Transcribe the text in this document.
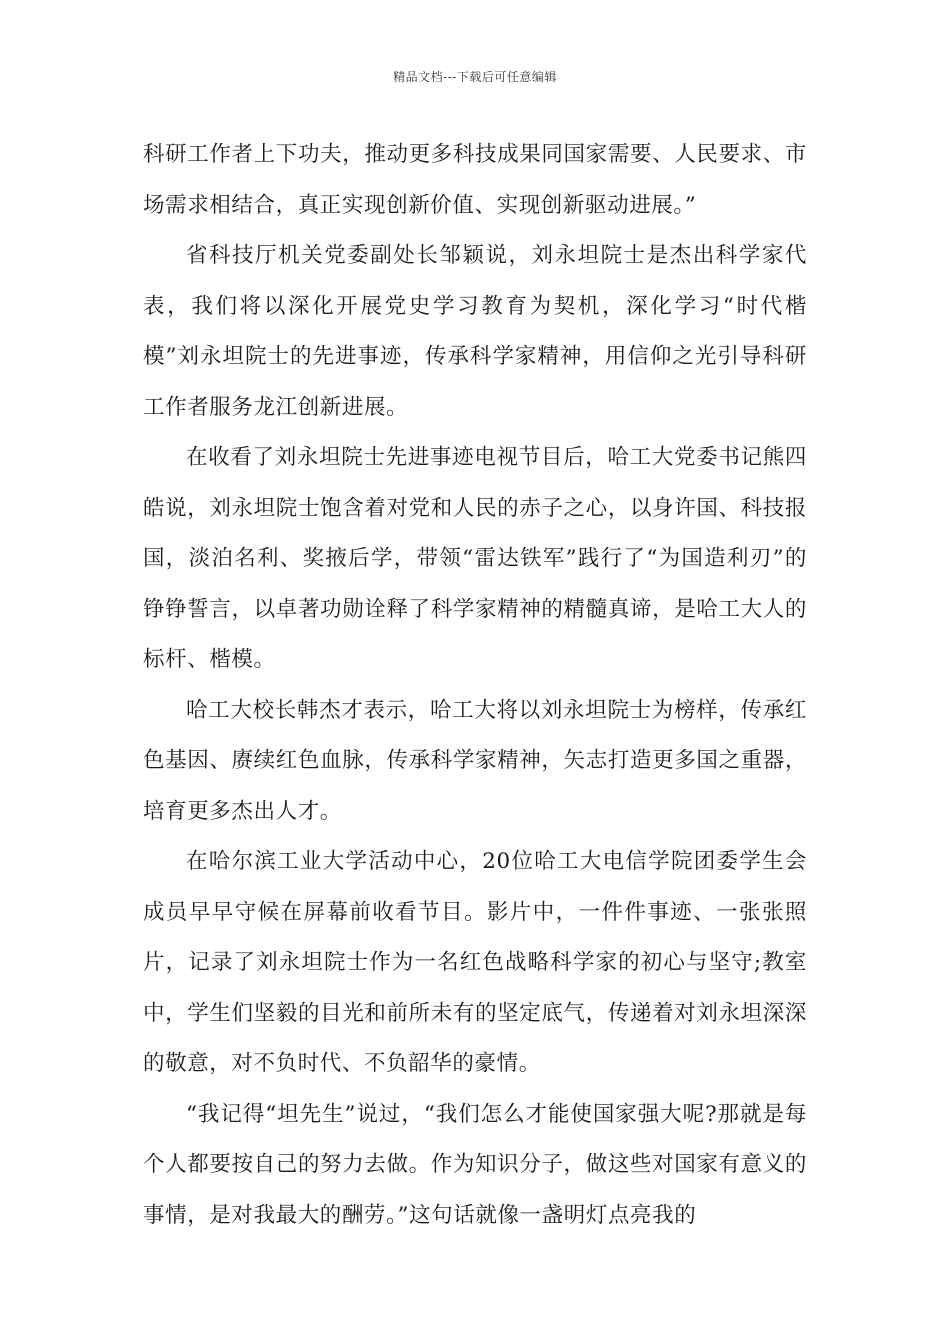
精品文档---下载后可任意编辑

科研工作者上下功夫，推动更多科技成果同国家需要、人民要求、市场需求相结合，真正实现创新价值、实现创新驱动进展。”

省科技厅机关党委副处长邹颖说，刘永坦院士是杰出科学家代表，我们将以深化开展党史学习教育为契机，深化学习“时代楷模”刘永坦院士的先进事迹，传承科学家精神，用信仰之光引导科研工作者服务龙江创新进展。

在收看了刘永坦院士先进事迹电视节目后，哈工大党委书记熊四皓说，刘永坦院士饱含着对党和人民的赤子之心，以身许国、科技报国，淡泊名利、奖掖后学，带领“雷达铁军”践行了“为国造利刃”的铮铮誓言，以卓著功勋诠释了科学家精神的精髓真谛，是哈工大人的标杆、楷模。

哈工大校长韩杰才表示，哈工大将以刘永坦院士为榜样，传承红色基因、赓续红色血脉，传承科学家精神，矢志打造更多国之重器，培育更多杰出人才。

在哈尔滨工业大学活动中心，20位哈工大电信学院团委学生会成员早早守候在屏幕前收看节目。影片中，一件件事迹、一张张照片，记录了刘永坦院士作为一名红色战略科学家的初心与坚守;教室中，学生们坚毅的目光和前所未有的坚定底气，传递着对刘永坦深深的敬意，对不负时代、不负韶华的豪情。

“我记得“坦先生”说过，“我们怎么才能使国家强大呢?那就是每个人都要按自己的努力去做。作为知识分子，做这些对国家有意义的事情，是对我最大的酬劳。”这句话就像一盏明灯点亮我的
